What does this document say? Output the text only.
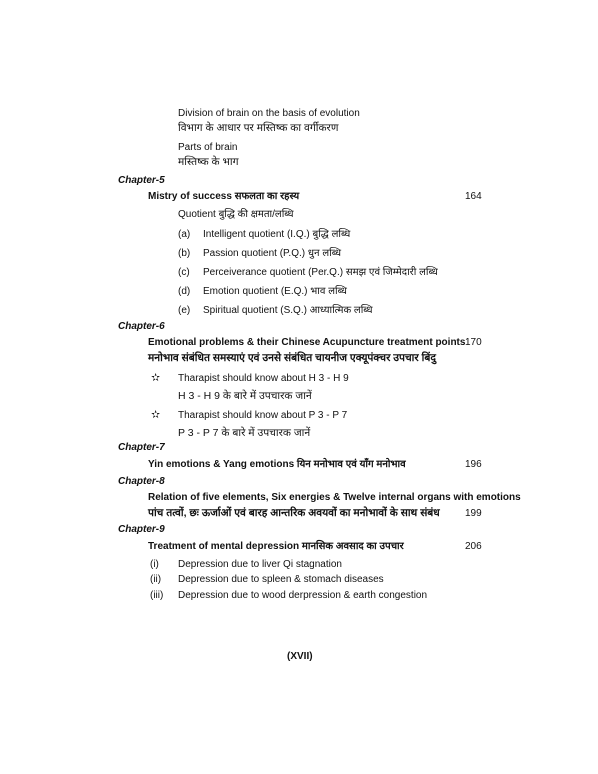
Division of brain on the basis of evolution
विभाग के आधार पर मस्तिष्क का वर्गीकरण
Parts of brain
मस्तिष्क के भाग
Chapter-5
Mistry of success सफलता का रहस्य	164
Quotient बुद्धि की क्षमता/लब्धि
(a) Intelligent quotient (I.Q.) बुद्धि लब्धि
(b) Passion quotient (P.Q.) धुन लब्धि
(c) Perceiverance quotient (Per.Q.) समझ एवं जिम्मेदारी लब्धि
(d) Emotion quotient (E.Q.) भाव लब्धि
(e) Spiritual quotient (S.Q.) आध्यात्मिक लब्धि
Chapter-6
Emotional problems & their Chinese Acupuncture treatment points 170
मनोभाव संबंधित समस्याएं एवं उनसे संबंधित चायनीज एक्यूपंक्चर उपचार बिंदु
✫ Tharapist should know about H 3 - H 9
H 3 - H 9 के बारे में उपचारक जानें
✫ Tharapist should know about P 3 - P 7
P 3 - P 7 के बारे में उपचारक जानें
Chapter-7
Yin emotions & Yang emotions यिन मनोभाव एवं याँग मनोभाव	196
Chapter-8
Relation of five elements, Six energies & Twelve internal organs with emotions
पांच तत्वों, छः ऊर्जाओं एवं बारह आन्तरिक अवयवों का मनोभावों के साथ संबंध	199
Chapter-9
Treatment of mental depression मानसिक अवसाद का उपचार	206
(i) Depression due to liver Qi stagnation
(ii) Depression due to spleen & stomach diseases
(iii) Depression due to wood derpression & earth congestion
(XVII)
